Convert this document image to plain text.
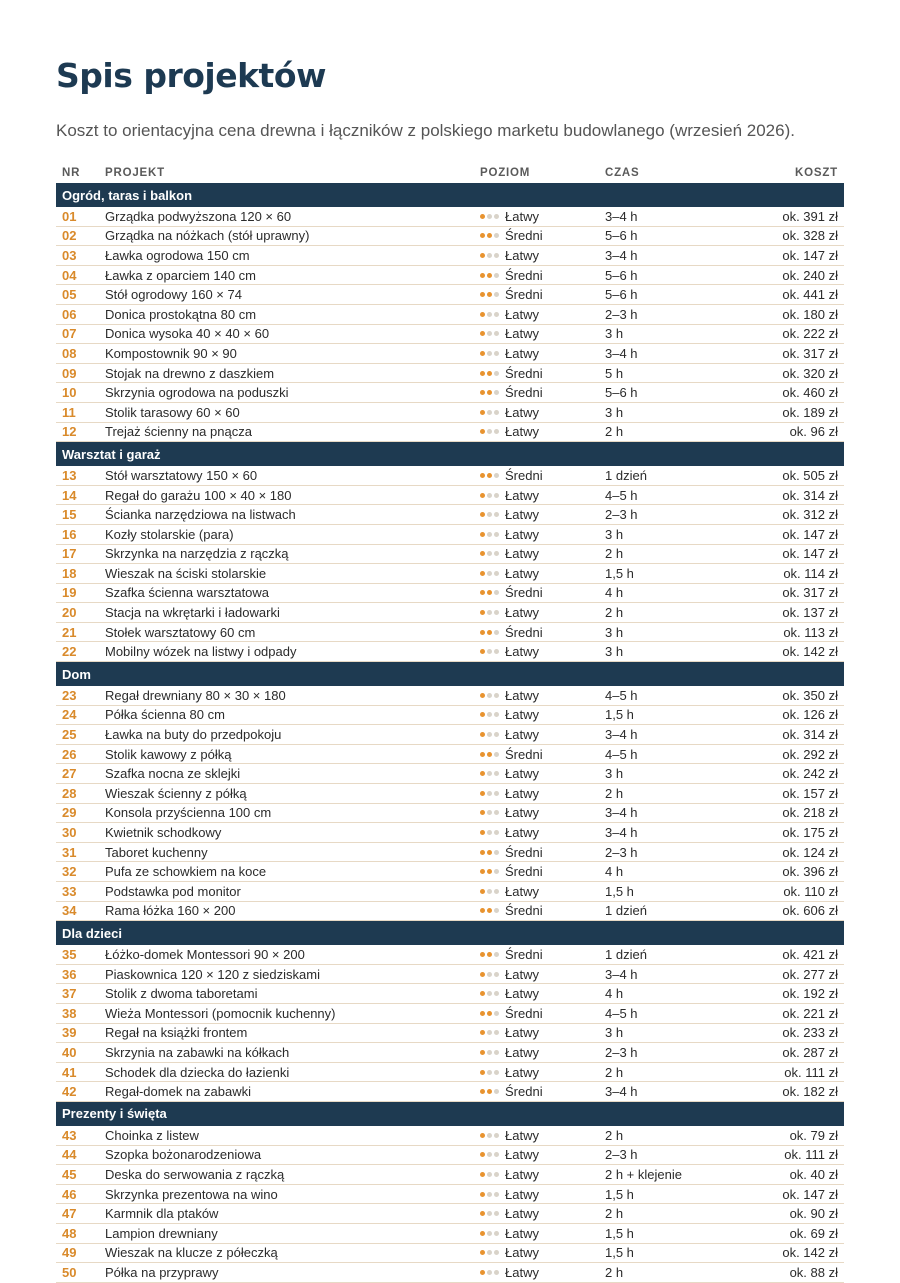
Spis projektów

Koszt to orientacyjna cena drewna i łączników z polskiego marketu budowlanego (wrzesień 2026).

NR	PROJEKT	POZIOM	CZAS	KOSZT
Ogród, taras i balkon
01	Grządka podwyższona 120 × 60	Łatwy	3–4 h	ok. 391 zł
02	Grządka na nóżkach (stół uprawny)	Średni	5–6 h	ok. 328 zł
03	Ławka ogrodowa 150 cm	Łatwy	3–4 h	ok. 147 zł
04	Ławka z oparciem 140 cm	Średni	5–6 h	ok. 240 zł
05	Stół ogrodowy 160 × 74	Średni	5–6 h	ok. 441 zł
06	Donica prostokątna 80 cm	Łatwy	2–3 h	ok. 180 zł
07	Donica wysoka 40 × 40 × 60	Łatwy	3 h	ok. 222 zł
08	Kompostownik 90 × 90	Łatwy	3–4 h	ok. 317 zł
09	Stojak na drewno z daszkiem	Średni	5 h	ok. 320 zł
10	Skrzynia ogrodowa na poduszki	Średni	5–6 h	ok. 460 zł
11	Stolik tarasowy 60 × 60	Łatwy	3 h	ok. 189 zł
12	Trejaż ścienny na pnącza	Łatwy	2 h	ok. 96 zł
Warsztat i garaż
13	Stół warsztatowy 150 × 60	Średni	1 dzień	ok. 505 zł
14	Regał do garażu 100 × 40 × 180	Łatwy	4–5 h	ok. 314 zł
15	Ścianka narzędziowa na listwach	Łatwy	2–3 h	ok. 312 zł
16	Kozły stolarskie (para)	Łatwy	3 h	ok. 147 zł
17	Skrzynka na narzędzia z rączką	Łatwy	2 h	ok. 147 zł
18	Wieszak na ściski stolarskie	Łatwy	1,5 h	ok. 114 zł
19	Szafka ścienna warsztatowa	Średni	4 h	ok. 317 zł
20	Stacja na wkrętarki i ładowarki	Łatwy	2 h	ok. 137 zł
21	Stołek warsztatowy 60 cm	Średni	3 h	ok. 113 zł
22	Mobilny wózek na listwy i odpady	Łatwy	3 h	ok. 142 zł
Dom
23	Regał drewniany 80 × 30 × 180	Łatwy	4–5 h	ok. 350 zł
24	Półka ścienna 80 cm	Łatwy	1,5 h	ok. 126 zł
25	Ławka na buty do przedpokoju	Łatwy	3–4 h	ok. 314 zł
26	Stolik kawowy z półką	Średni	4–5 h	ok. 292 zł
27	Szafka nocna ze sklejki	Łatwy	3 h	ok. 242 zł
28	Wieszak ścienny z półką	Łatwy	2 h	ok. 157 zł
29	Konsola przyścienna 100 cm	Łatwy	3–4 h	ok. 218 zł
30	Kwietnik schodkowy	Łatwy	3–4 h	ok. 175 zł
31	Taboret kuchenny	Średni	2–3 h	ok. 124 zł
32	Pufa ze schowkiem na koce	Średni	4 h	ok. 396 zł
33	Podstawka pod monitor	Łatwy	1,5 h	ok. 110 zł
34	Rama łóżka 160 × 200	Średni	1 dzień	ok. 606 zł
Dla dzieci
35	Łóżko-domek Montessori 90 × 200	Średni	1 dzień	ok. 421 zł
36	Piaskownica 120 × 120 z siedziskami	Łatwy	3–4 h	ok. 277 zł
37	Stolik z dwoma taboretami	Łatwy	4 h	ok. 192 zł
38	Wieża Montessori (pomocnik kuchenny)	Średni	4–5 h	ok. 221 zł
39	Regał na książki frontem	Łatwy	3 h	ok. 233 zł
40	Skrzynia na zabawki na kółkach	Łatwy	2–3 h	ok. 287 zł
41	Schodek dla dziecka do łazienki	Łatwy	2 h	ok. 111 zł
42	Regał-domek na zabawki	Średni	3–4 h	ok. 182 zł
Prezenty i święta
43	Choinka z listew	Łatwy	2 h	ok. 79 zł
44	Szopka bożonarodzeniowa	Łatwy	2–3 h	ok. 111 zł
45	Deska do serwowania z rączką	Łatwy	2 h + klejenie	ok. 40 zł
46	Skrzynka prezentowa na wino	Łatwy	1,5 h	ok. 147 zł
47	Karmnik dla ptaków	Łatwy	2 h	ok. 90 zł
48	Lampion drewniany	Łatwy	1,5 h	ok. 69 zł
49	Wieszak na klucze z półeczką	Łatwy	1,5 h	ok. 142 zł
50	Półka na przyprawy	Łatwy	2 h	ok. 88 zł
